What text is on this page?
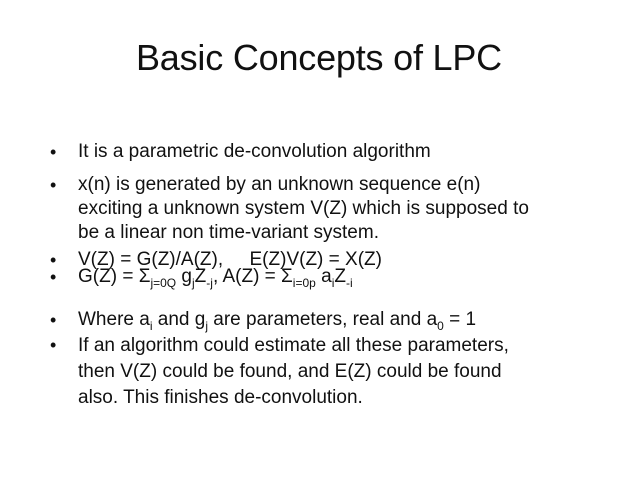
Basic Concepts of LPC
•	It is a parametric de-convolution algorithm
•	x(n) is generated by an unknown sequence e(n)
exciting a unknown system V(Z) which is supposed to
be a linear non time-variant system.
•	V(Z) = G(Z)/A(Z),     E(Z)V(Z) = X(Z)
•	$G(Z) = \Sigma_{j=0Q}$ $g_jZ_{-j}$, $A(Z) = \Sigma_{i=0p}$ $a_iZ_{-i}$
•	Where $a_i$ and $g_j$ are parameters, real and $a_0 = 1$
•	If an algorithm could estimate all these parameters,
then V(Z) could be found, and E(Z) could be found
also. This finishes de-convolution.
